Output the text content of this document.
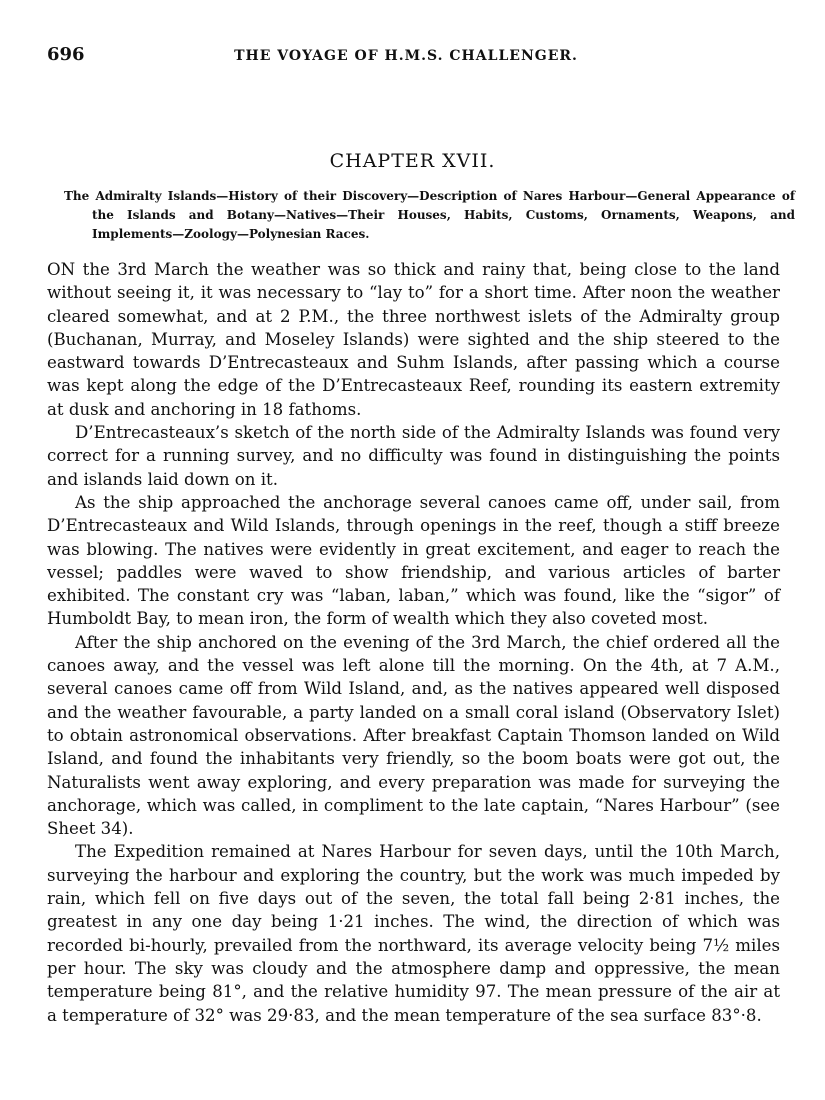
696	THE VOYAGE OF H.M.S. CHALLENGER.
CHAPTER XVII.
The Admiralty Islands—History of their Discovery—Description of Nares Harbour—General Appearance of the Islands and Botany—Natives—Their Houses, Habits, Customs, Ornaments, Weapons, and Implements—Zoology—Polynesian Races.

ON the 3rd March the weather was so thick and rainy that, being close to the land without seeing it, it was necessary to “lay to” for a short time. After noon the weather cleared somewhat, and at 2 P.M., the three northwest islets of the Admiralty group (Buchanan, Murray, and Moseley Islands) were sighted and the ship steered to the eastward towards D’Entrecasteaux and Suhm Islands, after passing which a course was kept along the edge of the D’Entrecasteaux Reef, rounding its eastern extremity at dusk and anchoring in 18 fathoms.

D’Entrecasteaux’s sketch of the north side of the Admiralty Islands was found very correct for a running survey, and no difficulty was found in distinguishing the points and islands laid down on it.

As the ship approached the anchorage several canoes came off, under sail, from D’Entrecasteaux and Wild Islands, through openings in the reef, though a stiff breeze was blowing. The natives were evidently in great excitement, and eager to reach the vessel; paddles were waved to show friendship, and various articles of barter exhibited. The constant cry was “laban, laban,” which was found, like the “sigor” of Humboldt Bay, to mean iron, the form of wealth which they also coveted most.

After the ship anchored on the evening of the 3rd March, the chief ordered all the canoes away, and the vessel was left alone till the morning. On the 4th, at 7 A.M., several canoes came off from Wild Island, and, as the natives appeared well disposed and the weather favourable, a party landed on a small coral island (Observatory Islet) to obtain astronomical observations. After breakfast Captain Thomson landed on Wild Island, and found the inhabitants very friendly, so the boom boats were got out, the Naturalists went away exploring, and every preparation was made for surveying the anchorage, which was called, in compliment to the late captain, “Nares Harbour” (see Sheet 34).

The Expedition remained at Nares Harbour for seven days, until the 10th March, surveying the harbour and exploring the country, but the work was much impeded by rain, which fell on five days out of the seven, the total fall being 2·81 inches, the greatest in any one day being 1·21 inches. The wind, the direction of which was recorded bi-hourly, prevailed from the northward, its average velocity being 7½ miles per hour. The sky was cloudy and the atmosphere damp and oppressive, the mean temperature being 81°, and the relative humidity 97. The mean pressure of the air at a temperature of 32° was 29·83, and the mean temperature of the sea surface 83°·8.
